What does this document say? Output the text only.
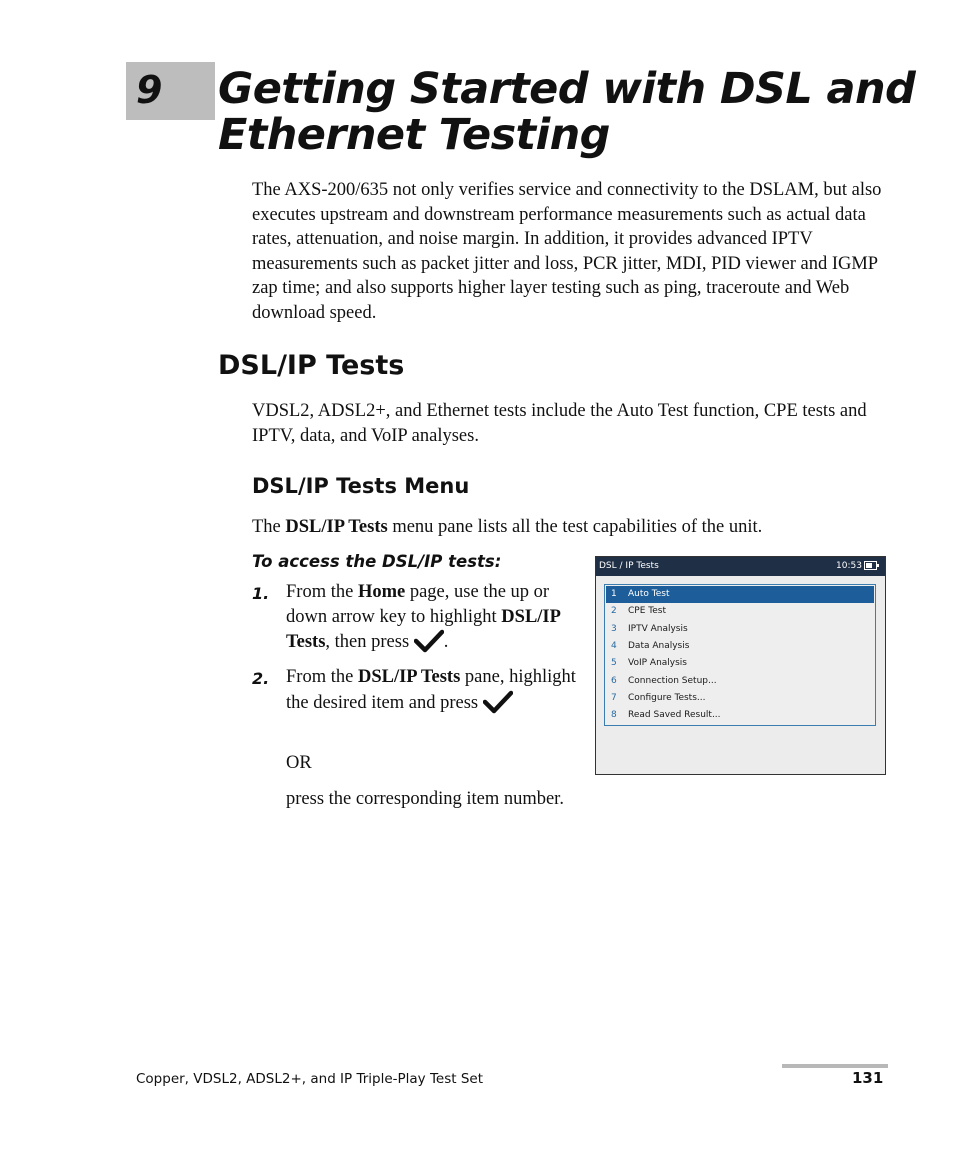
9 Getting Started with DSL and Ethernet Testing

The AXS-200/635 not only verifies service and connectivity to the DSLAM, but also executes upstream and downstream performance measurements such as actual data rates, attenuation, and noise margin. In addition, it provides advanced IPTV measurements such as packet jitter and loss, PCR jitter, MDI, PID viewer and IGMP zap time; and also supports higher layer testing such as ping, traceroute and Web download speed.

DSL/IP Tests

VDSL2, ADSL2+, and Ethernet tests include the Auto Test function, CPE tests and IPTV, data, and VoIP analyses.

DSL/IP Tests Menu

The DSL/IP Tests menu pane lists all the test capabilities of the unit.

To access the DSL/IP tests:
1. From the Home page, use the up or down arrow key to highlight DSL/IP Tests, then press .

2. From the DSL/IP Tests pane, highlight the desired item and press

OR
press the corresponding item number.
DSL / IP Tests	10:53
1 Auto Test
2 CPE Test
3 IPTV Analysis
4 Data Analysis
5 VoIP Analysis
6 Connection Setup...
7 Configure Tests...
8 Read Saved Result...
Copper, VDSL2, ADSL2+, and IP Triple-Play Test Set	131
